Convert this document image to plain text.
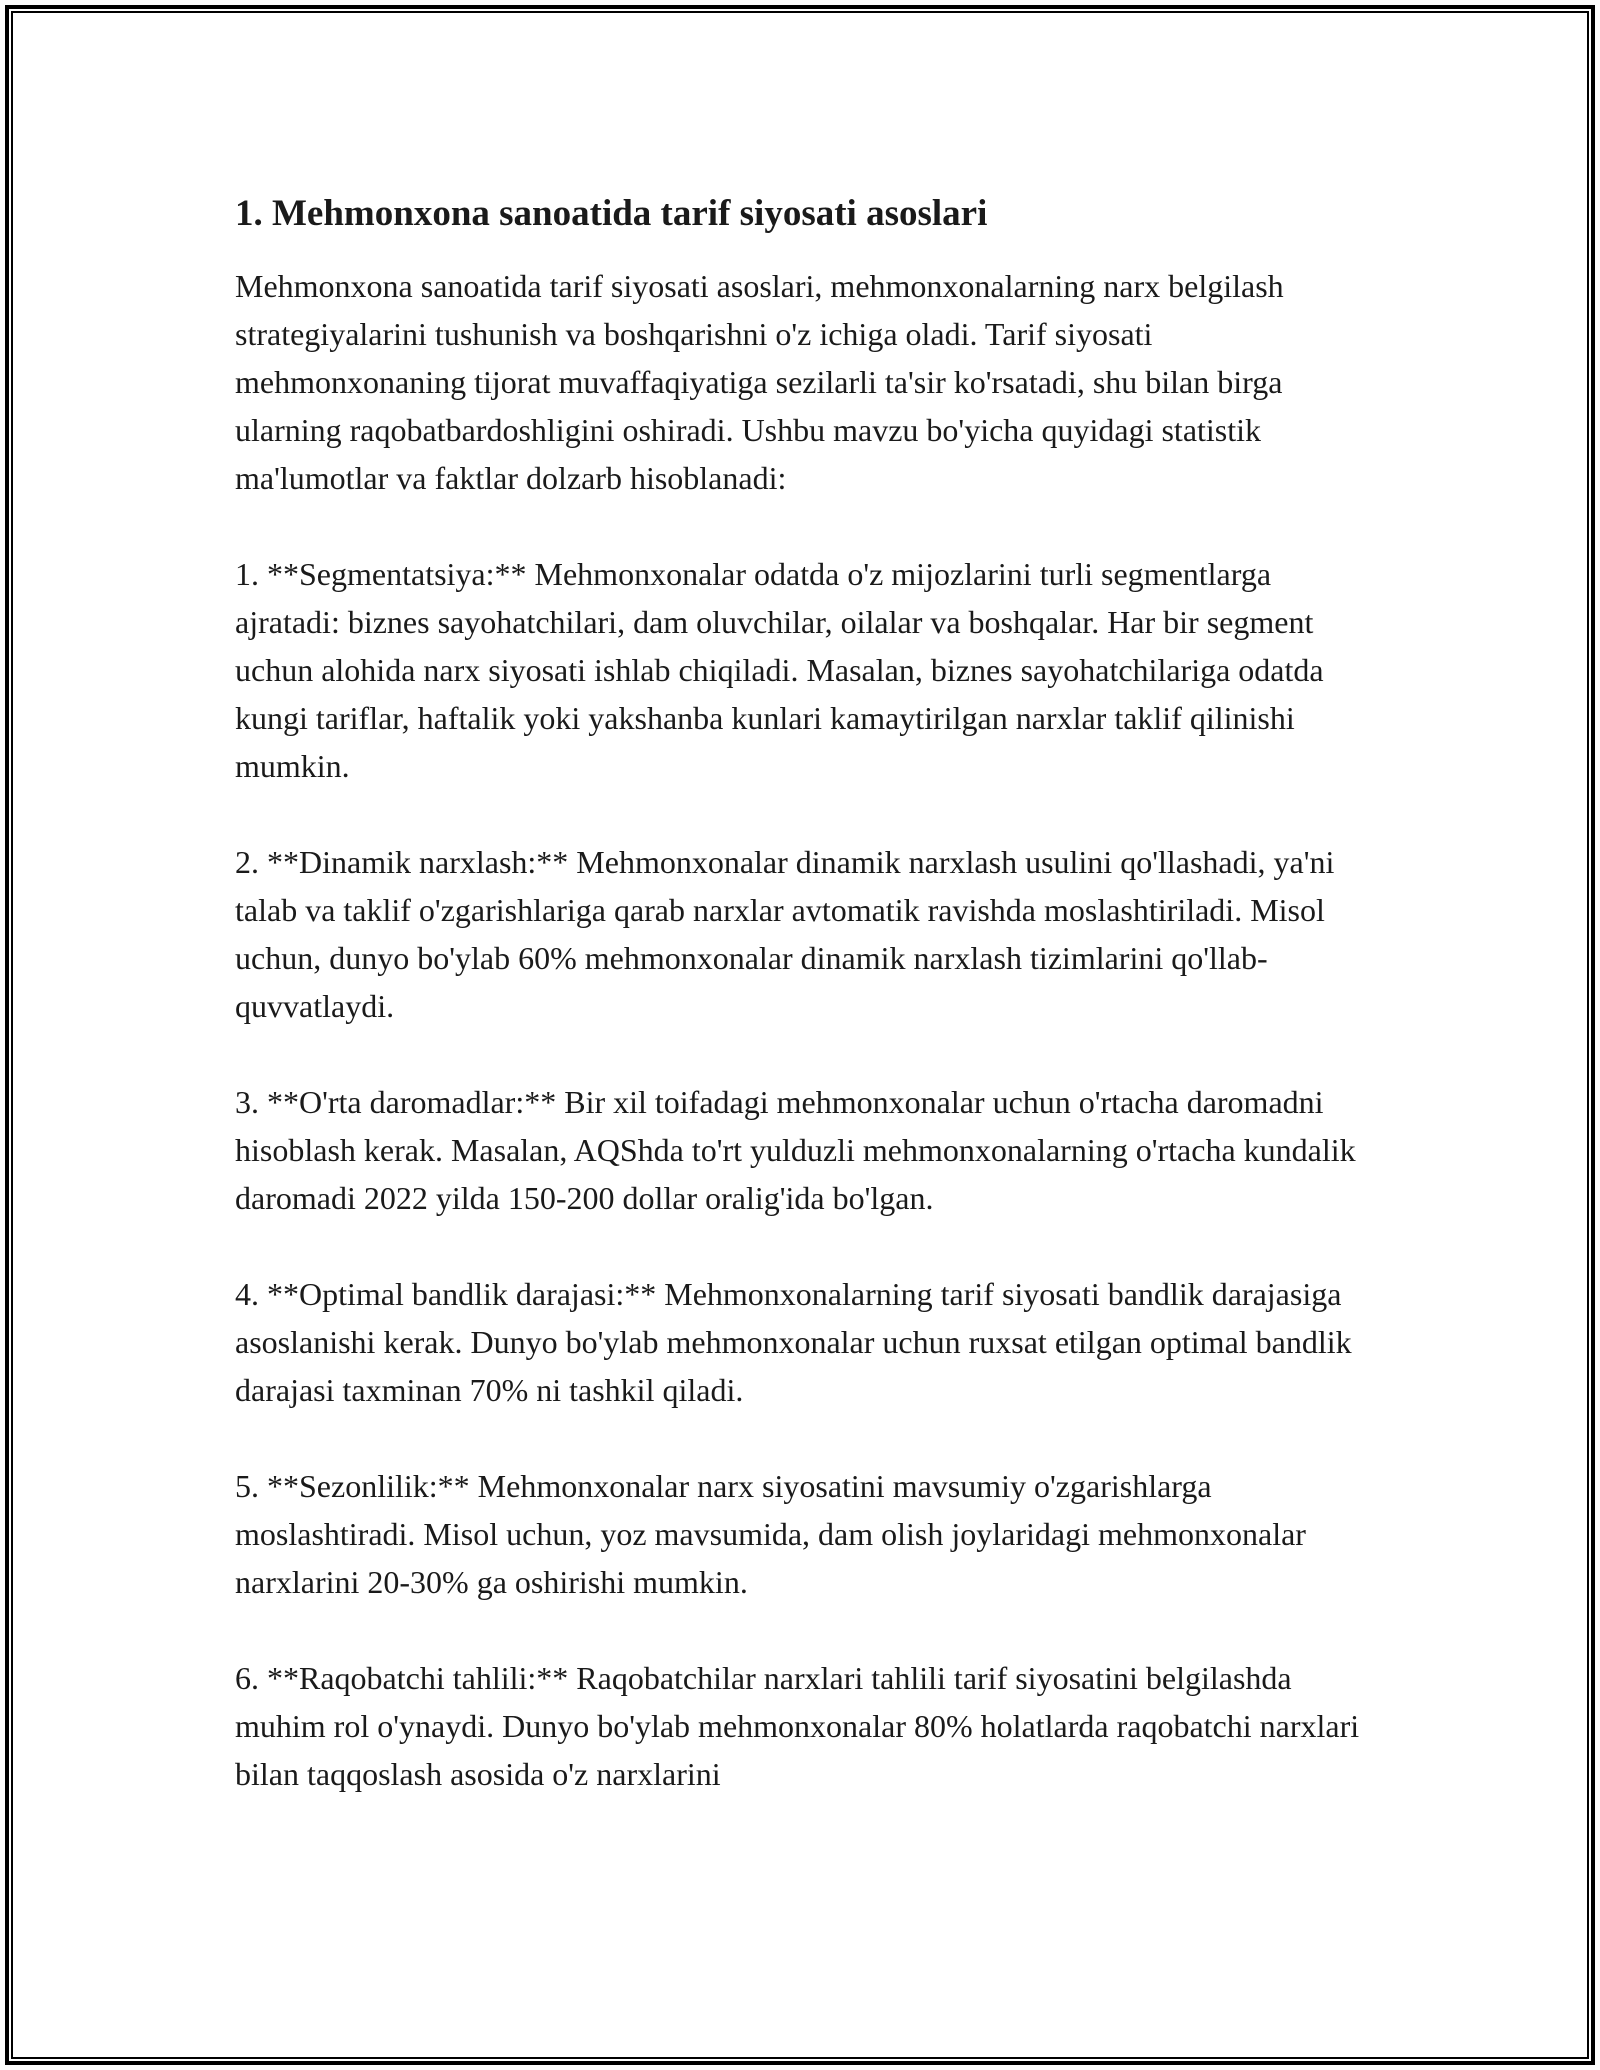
1. Mehmonxona sanoatida tarif siyosati asoslari

Mehmonxona sanoatida tarif siyosati asoslari, mehmonxonalarning narx belgilash strategiyalarini tushunish va boshqarishni o'z ichiga oladi. Tarif siyosati mehmonxonaning tijorat muvaffaqiyatiga sezilarli ta'sir ko'rsatadi, shu bilan birga ularning raqobatbardoshligini oshiradi. Ushbu mavzu bo'yicha quyidagi statistik ma'lumotlar va faktlar dolzarb hisoblanadi:

1. **Segmentatsiya:** Mehmonxonalar odatda o'z mijozlarini turli segmentlarga ajratadi: biznes sayohatchilari, dam oluvchilar, oilalar va boshqalar. Har bir segment uchun alohida narx siyosati ishlab chiqiladi. Masalan, biznes sayohatchilariga odatda kungi tariflar, haftalik yoki yakshanba kunlari kamaytirilgan narxlar taklif qilinishi mumkin.

2. **Dinamik narxlash:** Mehmonxonalar dinamik narxlash usulini qo'llashadi, ya'ni talab va taklif o'zgarishlariga qarab narxlar avtomatik ravishda moslashtiriladi. Misol uchun, dunyo bo'ylab 60% mehmonxonalar dinamik narxlash tizimlarini qo'llab-quvvatlaydi.

3. **O'rta daromadlar:** Bir xil toifadagi mehmonxonalar uchun o'rtacha daromadni hisoblash kerak. Masalan, AQShda to'rt yulduzli mehmonxonalarning o'rtacha kundalik daromadi 2022 yilda 150-200 dollar oralig'ida bo'lgan.

4. **Optimal bandlik darajasi:** Mehmonxonalarning tarif siyosati bandlik darajasiga asoslanishi kerak. Dunyo bo'ylab mehmonxonalar uchun ruxsat etilgan optimal bandlik darajasi taxminan 70% ni tashkil qiladi.

5. **Sezonlilik:** Mehmonxonalar narx siyosatini mavsumiy o'zgarishlarga moslashtiradi. Misol uchun, yoz mavsumida, dam olish joylaridagi mehmonxonalar narxlarini 20-30% ga oshirishi mumkin.

6. **Raqobatchi tahlili:** Raqobatchilar narxlari tahlili tarif siyosatini belgilashda muhim rol o'ynaydi. Dunyo bo'ylab mehmonxonalar 80% holatlarda raqobatchi narxlari bilan taqqoslash asosida o'z narxlarini
